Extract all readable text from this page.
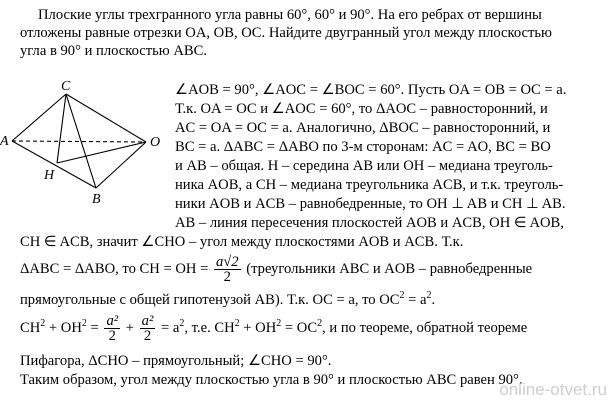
Плоские углы трехгранного угла равны 60°, 60° и 90°. На его ребрах от вершины
отложены равные отрезки OA, OB, OC. Найдите двугранный угол между плоскостью
угла в 90° и плоскостью ABC.
C
A	O
H
B
∠AOB = 90°, ∠AOC = ∠BOC = 60°. Пусть OA = OB = OC = a.
Т.к. OA = OC и ∠AOC = 60°, то ΔAOC – равносторонний, и
AC = OA = OC = a. Аналогично, ΔBOC – равносторонний, и
BC = a. ΔABC = ΔABO по 3-м сторонам: AC = AO, BC = BO
и AB – общая. H – середина AB или OH – медиана треуголь-
ника AOB, а CH – медиана треугольника ACB, и т.к. треуголь-
ники AOB и ACB – равнобедренные, то OH ⊥ AB и CH ⊥ AB.
AB – линия пересечения плоскостей AOB и ACB, OH ∈ AOB,
CH ∈ ACB, значит ∠CHO – угол между плоскостями AOB и ACB. Т.к.
ΔABC = ΔABO, то CH = OH = $\frac{a√2}{2}$ (треугольники ABC и AOB – равнобедренные
прямоугольные с общей гипотенузой AB). Т.к. OC = a, то $OC^2 = a^2$.
$CH^2 + OH^2 = \frac{\text{a²}}{2} + \frac{\text{a²}}{2} = a^2$, т.е. $CH^2 + OH^2 = OC^2$, и по теореме, обратной теореме
Пифагора, ΔCHO – прямоугольный; ∠CHO = 90°.
Таким образом, угол между плоскостью угла в 90° и плоскостью ABC равен 90°.
online-otvet.ru
